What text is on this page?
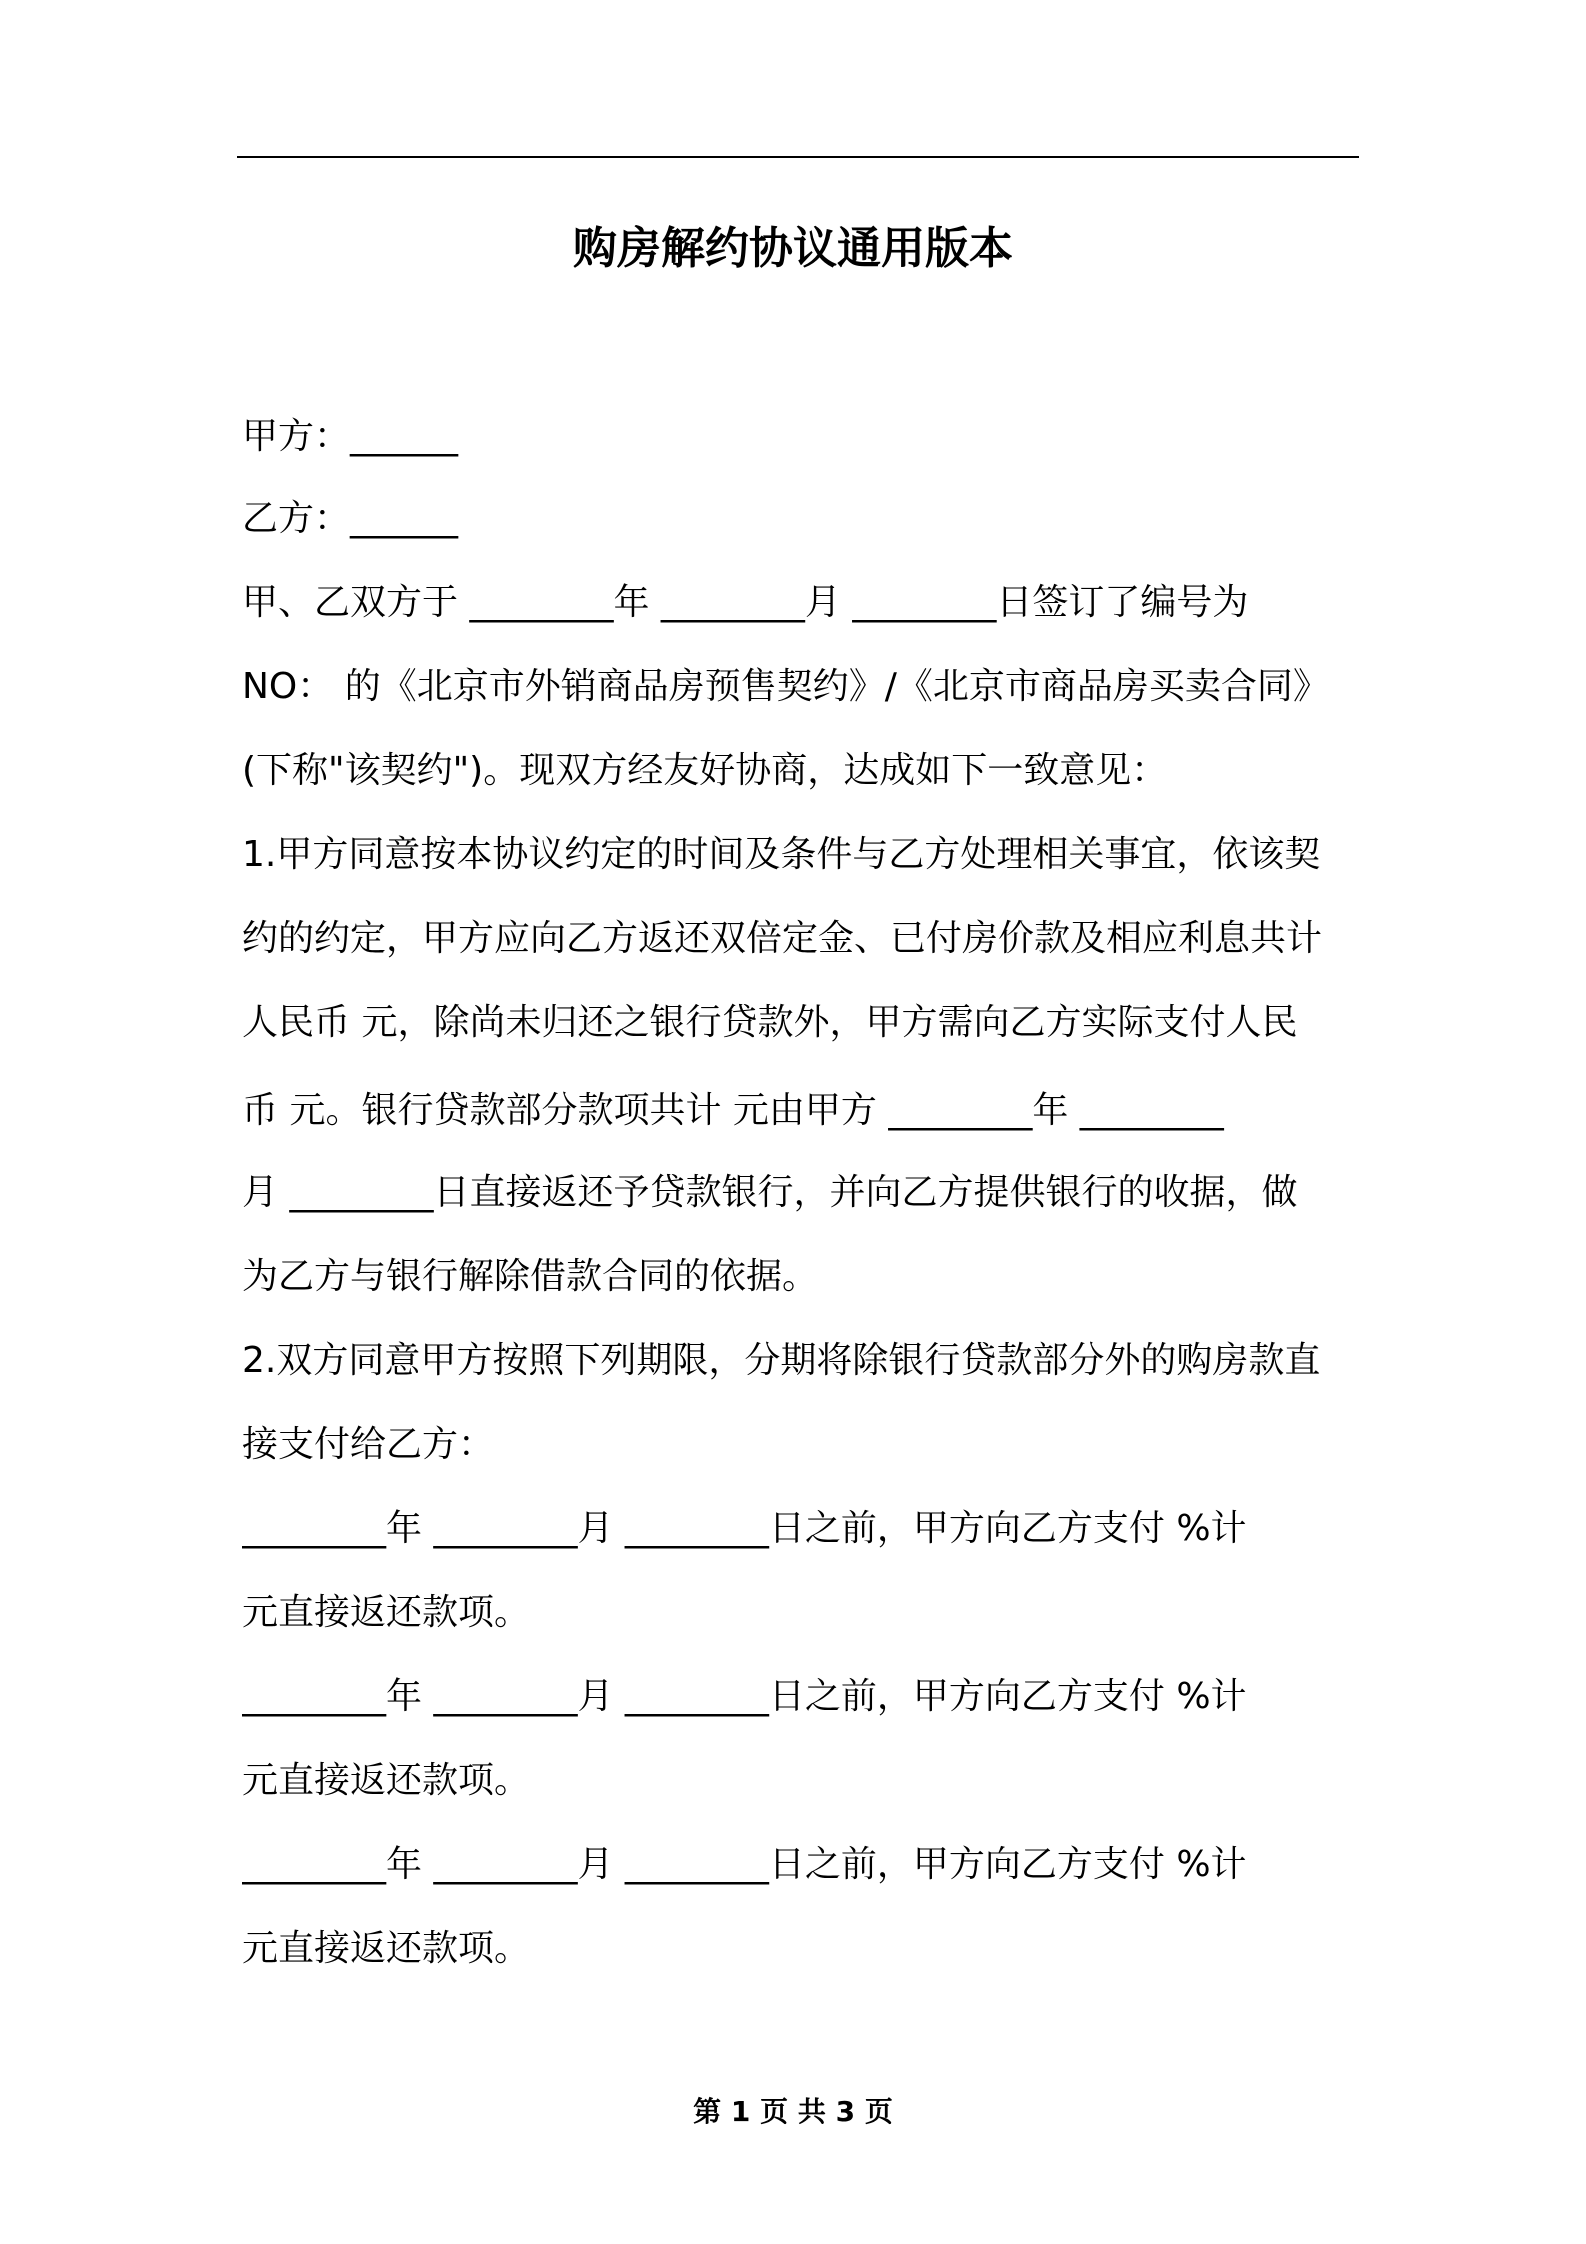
购房解约协议通用版本
甲方：______
乙方：______
甲、乙双方于 ________年 ________月 ________日签订了编号为
NO： 的《北京市外销商品房预售契约》/《北京市商品房买卖合同》
(下称"该契约")。现双方经友好协商，达成如下一致意见：
1.甲方同意按本协议约定的时间及条件与乙方处理相关事宜，依该契
约的约定，甲方应向乙方返还双倍定金、已付房价款及相应利息共计
人民币 元，除尚未归还之银行贷款外，甲方需向乙方实际支付人民
币 元。银行贷款部分款项共计 元由甲方 ________年 ________
月 ________日直接返还予贷款银行，并向乙方提供银行的收据，做
为乙方与银行解除借款合同的依据。
2.双方同意甲方按照下列期限，分期将除银行贷款部分外的购房款直
接支付给乙方：
________年 ________月 ________日之前，甲方向乙方支付 %计
元直接返还款项。
________年 ________月 ________日之前，甲方向乙方支付 %计
元直接返还款项。
________年 ________月 ________日之前，甲方向乙方支付 %计
元直接返还款项。
第 1 页 共 3 页
